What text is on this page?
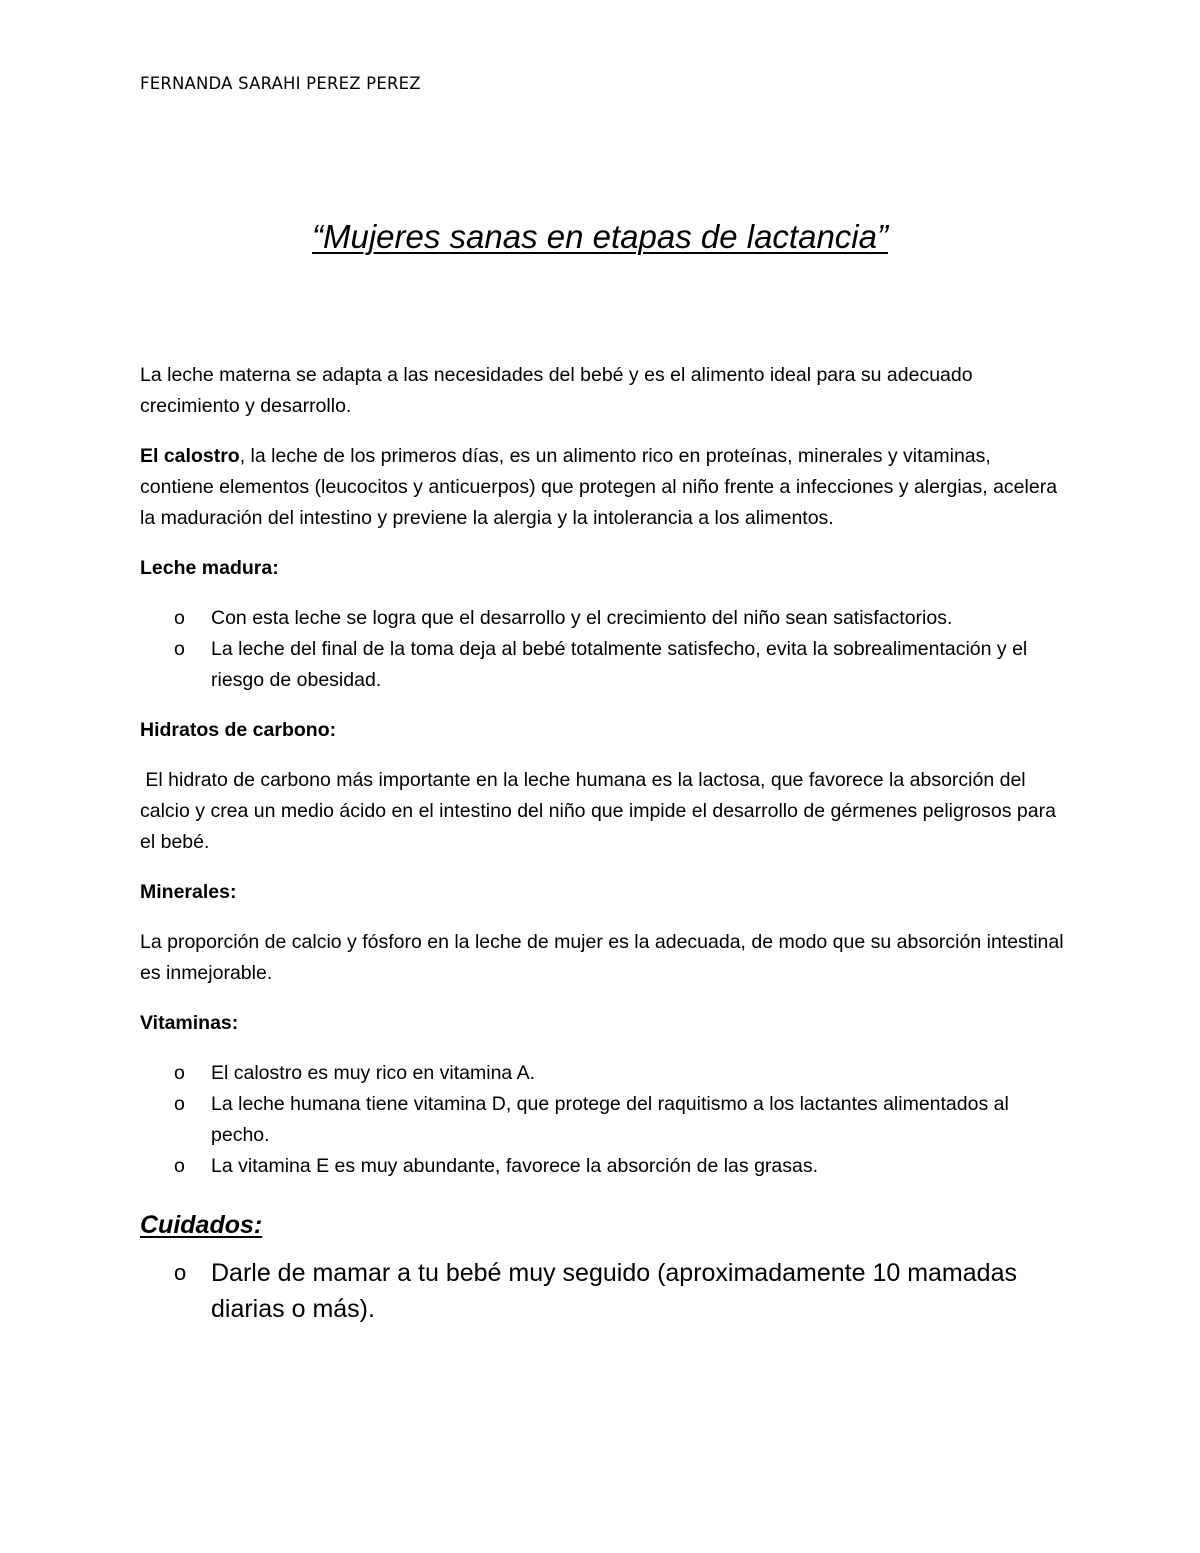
FERNANDA SARAHI PEREZ PEREZ
“Mujeres sanas en etapas de lactancia”

La leche materna se adapta a las necesidades del bebé y es el alimento ideal para su adecuado crecimiento y desarrollo.

El calostro, la leche de los primeros días, es un alimento rico en proteínas, minerales y vitaminas, contiene elementos (leucocitos y anticuerpos) que protegen al niño frente a infecciones y alergias, acelera la maduración del intestino y previene la alergia y la intolerancia a los alimentos.

Leche madura:
o Con esta leche se logra que el desarrollo y el crecimiento del niño sean satisfactorios.
o La leche del final de la toma deja al bebé totalmente satisfecho, evita la sobrealimentación y el riesgo de obesidad.
Hidratos de carbono:

El hidrato de carbono más importante en la leche humana es la lactosa, que favorece la absorción del calcio y crea un medio ácido en el intestino del niño que impide el desarrollo de gérmenes peligrosos para el bebé.

Minerales:

La proporción de calcio y fósforo en la leche de mujer es la adecuada, de modo que su absorción intestinal es inmejorable.

Vitaminas:
o El calostro es muy rico en vitamina A.
o La leche humana tiene vitamina D, que protege del raquitismo a los lactantes alimentados al pecho.
o La vitamina E es muy abundante, favorece la absorción de las grasas.
Cuidados:
o Darle de mamar a tu bebé muy seguido (aproximadamente 10 mamadas diarias o más).
